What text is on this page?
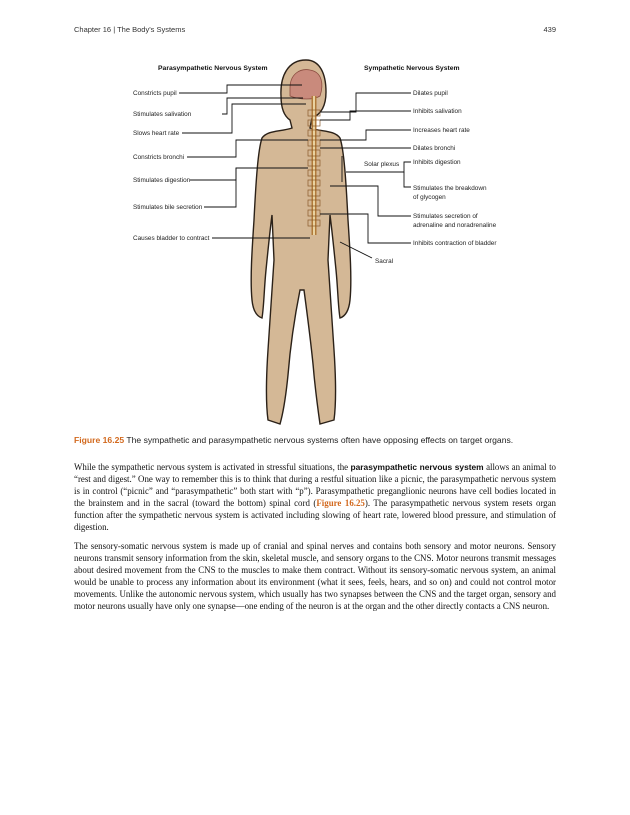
Chapter 16 | The Body's Systems	439
Parasympathetic Nervous System	Sympathetic Nervous System
Constricts pupil
Stimulates salivation
Slows heart rate
Constricts bronchi
Stimulates digestion
Stimulates bile secretion
Causes bladder to contract
Dilates pupil
Inhibits salivation
Increases heart rate
Dilates bronchi
Inhibits digestion
Stimulates the breakdown
of glycogen
Stimulates secretion of
adrenaline and noradrenaline
Inhibits contraction of bladder
Solar plexus
Sacral
Figure 16.25 The sympathetic and parasympathetic nervous systems often have opposing effects on target organs.

While the sympathetic nervous system is activated in stressful situations, the parasympathetic nervous system allows an animal to “rest and digest.” One way to remember this is to think that during a restful situation like a picnic, the parasympathetic nervous system is in control (“picnic” and “parasympathetic” both start with “p”). Parasympathetic preganglionic neurons have cell bodies located in the brainstem and in the sacral (toward the bottom) spinal cord (Figure 16.25). The parasympathetic nervous system resets organ function after the sympathetic nervous system is activated including slowing of heart rate, lowered blood pressure, and stimulation of digestion.

The sensory-somatic nervous system is made up of cranial and spinal nerves and contains both sensory and motor neurons. Sensory neurons transmit sensory information from the skin, skeletal muscle, and sensory organs to the CNS. Motor neurons transmit messages about desired movement from the CNS to the muscles to make them contract. Without its sensory-somatic nervous system, an animal would be unable to process any information about its environment (what it sees, feels, hears, and so on) and could not control motor movements. Unlike the autonomic nervous system, which usually has two synapses between the CNS and the target organ, sensory and motor neurons usually have only one synapse—one ending of the neuron is at the organ and the other directly contacts a CNS neuron.
